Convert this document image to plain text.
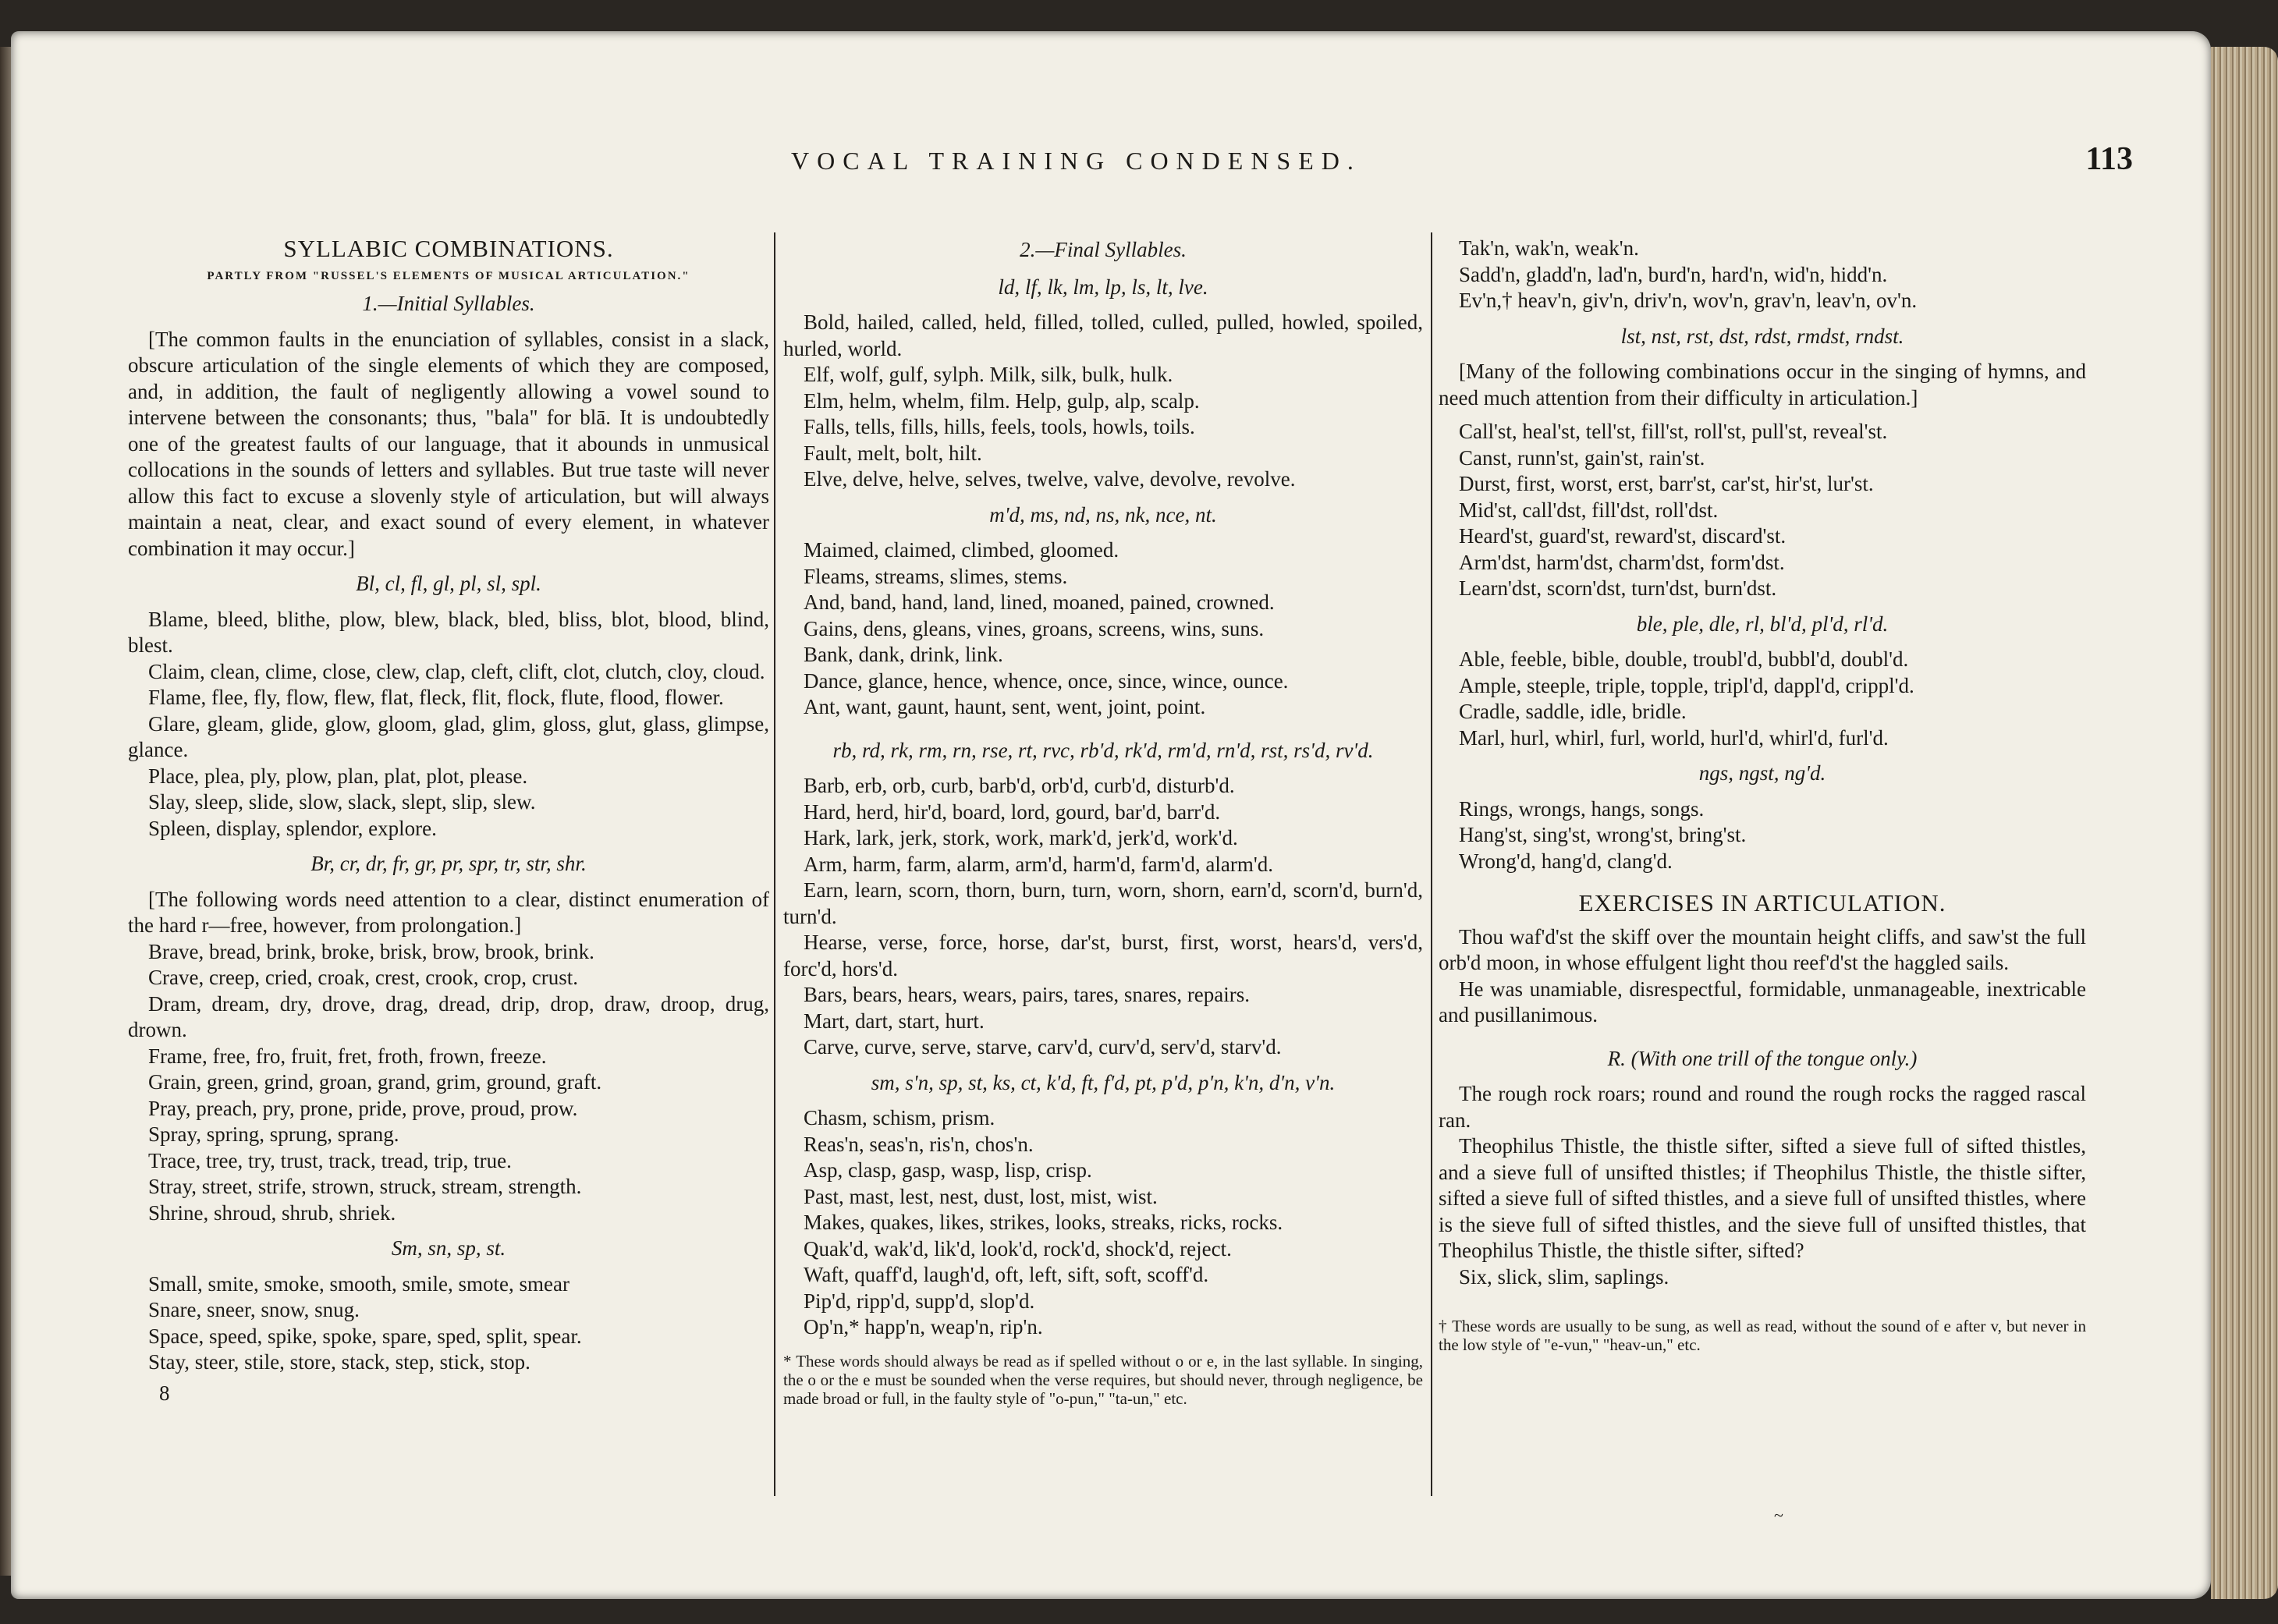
VOCAL TRAINING CONDENSED.	113

SYLLABIC COMBINATIONS.

PARTLY FROM "RUSSEL'S ELEMENTS OF MUSICAL ARTICULATION."

1.—Initial Syllables.

[The common faults in the enunciation of syllables, consist in a slack, obscure articulation of the single elements of which they are composed, and, in addition, the fault of negligently allowing a vowel sound to intervene between the consonants; thus, "bala" for blā. It is undoubtedly one of the greatest faults of our language, that it abounds in unmusical collocations in the sounds of letters and syllables. But true taste will never allow this fact to excuse a slovenly style of articulation, but will always maintain a neat, clear, and exact sound of every element, in whatever combination it may occur.]

Bl, cl, fl, gl, pl, sl, spl.

Blame, bleed, blithe, plow, blew, black, bled, bliss, blot, blood, blind, blest.

Claim, clean, clime, close, clew, clap, cleft, clift, clot, clutch, cloy, cloud.

Flame, flee, fly, flow, flew, flat, fleck, flit, flock, flute, flood, flower.

Glare, gleam, glide, glow, gloom, glad, glim, gloss, glut, glass, glimpse, glance.

Place, plea, ply, plow, plan, plat, plot, please.

Slay, sleep, slide, slow, slack, slept, slip, slew.

Spleen, display, splendor, explore.

Br, cr, dr, fr, gr, pr, spr, tr, str, shr.

[The following words need attention to a clear, distinct enumeration of the hard r—free, however, from prolongation.]

Brave, bread, brink, broke, brisk, brow, brook, brink.

Crave, creep, cried, croak, crest, crook, crop, crust.

Dram, dream, dry, drove, drag, dread, drip, drop, draw, droop, drug, drown.

Frame, free, fro, fruit, fret, froth, frown, freeze.

Grain, green, grind, groan, grand, grim, ground, graft.

Pray, preach, pry, prone, pride, prove, proud, prow.

Spray, spring, sprung, sprang.

Trace, tree, try, trust, track, tread, trip, true.

Stray, street, strife, strown, struck, stream, strength.

Shrine, shroud, shrub, shriek.

Sm, sn, sp, st.

Small, smite, smoke, smooth, smile, smote, smear

Snare, sneer, snow, snug.

Space, speed, spike, spoke, spare, sped, split, spear.

Stay, steer, stile, store, stack, step, stick, stop.

8

2.—Final Syllables.

ld, lf, lk, lm, lp, ls, lt, lve.

Bold, hailed, called, held, filled, tolled, culled, pulled, howled, spoiled, hurled, world.

Elf, wolf, gulf, sylph. Milk, silk, bulk, hulk.

Elm, helm, whelm, film. Help, gulp, alp, scalp.

Falls, tells, fills, hills, feels, tools, howls, toils.

Fault, melt, bolt, hilt.

Elve, delve, helve, selves, twelve, valve, devolve, revolve.

m'd, ms, nd, ns, nk, nce, nt.

Maimed, claimed, climbed, gloomed.

Fleams, streams, slimes, stems.

And, band, hand, land, lined, moaned, pained, crowned.

Gains, dens, gleans, vines, groans, screens, wins, suns.

Bank, dank, drink, link.

Dance, glance, hence, whence, once, since, wince, ounce.

Ant, want, gaunt, haunt, sent, went, joint, point.

rb, rd, rk, rm, rn, rse, rt, rvc, rb'd, rk'd, rm'd, rn'd, rst, rs'd, rv'd.

Barb, erb, orb, curb, barb'd, orb'd, curb'd, disturb'd.

Hard, herd, hir'd, board, lord, gourd, bar'd, barr'd.

Hark, lark, jerk, stork, work, mark'd, jerk'd, work'd.

Arm, harm, farm, alarm, arm'd, harm'd, farm'd, alarm'd.

Earn, learn, scorn, thorn, burn, turn, worn, shorn, earn'd, scorn'd, burn'd, turn'd.

Hearse, verse, force, horse, dar'st, burst, first, worst, hears'd, vers'd, forc'd, hors'd.

Bars, bears, hears, wears, pairs, tares, snares, repairs.

Mart, dart, start, hurt.

Carve, curve, serve, starve, carv'd, curv'd, serv'd, starv'd.

sm, s'n, sp, st, ks, ct, k'd, ft, f'd, pt, p'd, p'n, k'n, d'n, v'n.

Chasm, schism, prism.

Reas'n, seas'n, ris'n, chos'n.

Asp, clasp, gasp, wasp, lisp, crisp.

Past, mast, lest, nest, dust, lost, mist, wist.

Makes, quakes, likes, strikes, looks, streaks, ricks, rocks.

Quak'd, wak'd, lik'd, look'd, rock'd, shock'd, reject.

Waft, quaff'd, laugh'd, oft, left, sift, soft, scoff'd.

Pip'd, ripp'd, supp'd, slop'd.

Op'n,* happ'n, weap'n, rip'n.

* These words should always be read as if spelled without o or e, in the last syllable. In singing, the o or the e must be sounded when the verse requires, but should never, through negligence, be made broad or full, in the faulty style of "o-pun," "ta-un," etc.

Tak'n, wak'n, weak'n.

Sadd'n, gladd'n, lad'n, burd'n, hard'n, wid'n, hidd'n.

Ev'n,† heav'n, giv'n, driv'n, wov'n, grav'n, leav'n, ov'n.

lst, nst, rst, dst, rdst, rmdst, rndst.

[Many of the following combinations occur in the singing of hymns, and need much attention from their difficulty in articulation.]

Call'st, heal'st, tell'st, fill'st, roll'st, pull'st, reveal'st.

Canst, runn'st, gain'st, rain'st.

Durst, first, worst, erst, barr'st, car'st, hir'st, lur'st.

Mid'st, call'dst, fill'dst, roll'dst.

Heard'st, guard'st, reward'st, discard'st.

Arm'dst, harm'dst, charm'dst, form'dst.

Learn'dst, scorn'dst, turn'dst, burn'dst.

ble, ple, dle, rl, bl'd, pl'd, rl'd.

Able, feeble, bible, double, troubl'd, bubbl'd, doubl'd.

Ample, steeple, triple, topple, tripl'd, dappl'd, crippl'd.

Cradle, saddle, idle, bridle.

Marl, hurl, whirl, furl, world, hurl'd, whirl'd, furl'd.

ngs, ngst, ng'd.

Rings, wrongs, hangs, songs.

Hang'st, sing'st, wrong'st, bring'st.

Wrong'd, hang'd, clang'd.

EXERCISES IN ARTICULATION.

Thou waf'd'st the skiff over the mountain height cliffs, and saw'st the full orb'd moon, in whose effulgent light thou reef'd'st the haggled sails.

He was unamiable, disrespectful, formidable, unmanageable, inextricable and pusillanimous.

R. (With one trill of the tongue only.)

The rough rock roars; round and round the rough rocks the ragged rascal ran.

Theophilus Thistle, the thistle sifter, sifted a sieve full of sifted thistles, and a sieve full of unsifted thistles; if Theophilus Thistle, the thistle sifter, sifted a sieve full of sifted thistles, and a sieve full of unsifted thistles, where is the sieve full of sifted thistles, and the sieve full of unsifted thistles, that Theophilus Thistle, the thistle sifter, sifted?

Six, slick, slim, saplings.

† These words are usually to be sung, as well as read, without the sound of e after v, but never in the low style of "e-vun," "heav-un," etc.

~
